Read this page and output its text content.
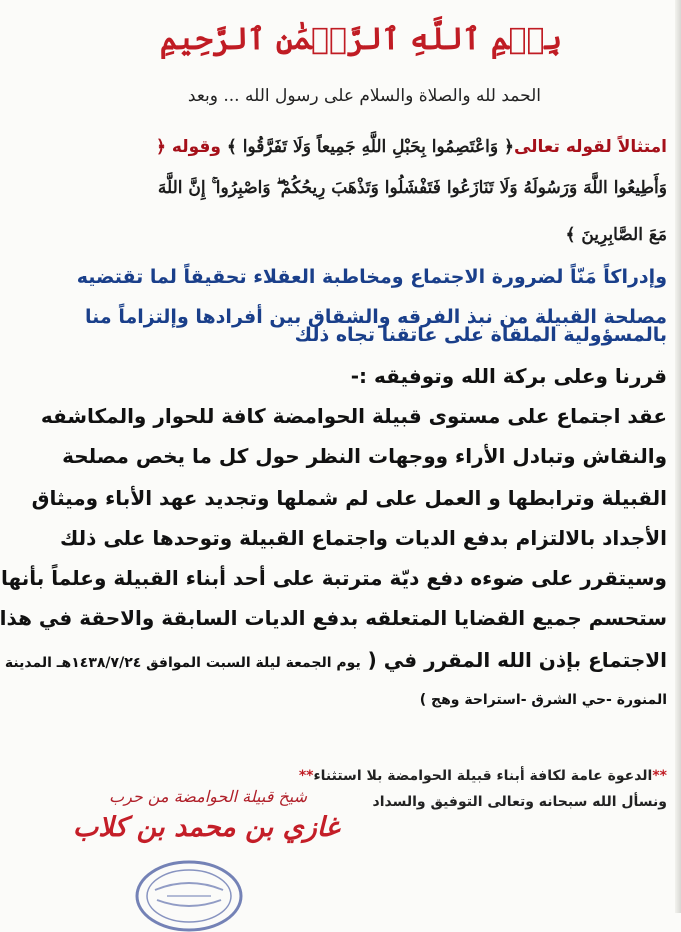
بِسۡمِ ٱللَّهِ ٱلرَّحۡمَٰنِ ٱلرَّحِيمِ
الحمد لله والصلاة والسلام على رسول الله ... وبعد
امتثالاً لقوله تعالى﴿ وَاعْتَصِمُوا بِحَبْلِ اللَّهِ جَمِيعاً وَلَا تَفَرَّقُوا ﴾ وقوله ﴿
وَأَطِيعُوا اللَّهَ وَرَسُولَهُ وَلَا تَنَازَعُوا فَتَفْشَلُوا وَتَذْهَبَ رِيحُكُمْ ۖ وَاصْبِرُوا ۚ إِنَّ اللَّهَ
مَعَ الصَّابِرِينَ ﴾
وإدراكاً مَنّاً لضرورة الاجتماع ومخاطبة العقلاء تحقيقاً لما تقتضيه
مصلحة القبيلة من نبذ الفرقه والشقاق بين أفرادها وإلتزاماً منا
بالمسؤولية الملقاة على عاتقنا تجاه ذلك
قررنا وعلى بركة الله وتوفيقه :-
عقد اجتماع على مستوى قبيلة الحوامضة كافة للحوار والمكاشفه
والنقاش وتبادل الأراء ووجهات النظر حول كل ما يخص مصلحة
القبيلة وترابطها و العمل على لم شملها وتجديد عهد الأباء وميثاق
الأجداد بالالتزام بدفع الديات واجتماع القبيلة وتوحدها على ذلك
وسيتقرر على ضوءه دفع ديّة مترتبة على أحد أبناء القبيلة وعلماً بأنها
ستحسم جميع القضايا المتعلقه بدفع الديات السابقة والاحقة في هذا
الاجتماع بإذن الله المقرر في ( يوم الجمعة ليلة السبت الموافق ١٤٣٨/٧/٢٤هـ المدينة
المنورة -حي الشرق -استراحة وهج )
**الدعوة عامة لكافة أبناء قبيلة الحوامضة بلا استثناء**
ونسأل الله سبحانه وتعالى التوفيق والسداد
شيخ قبيلة الحوامضة من حرب
غازي بن محمد بن كلاب
